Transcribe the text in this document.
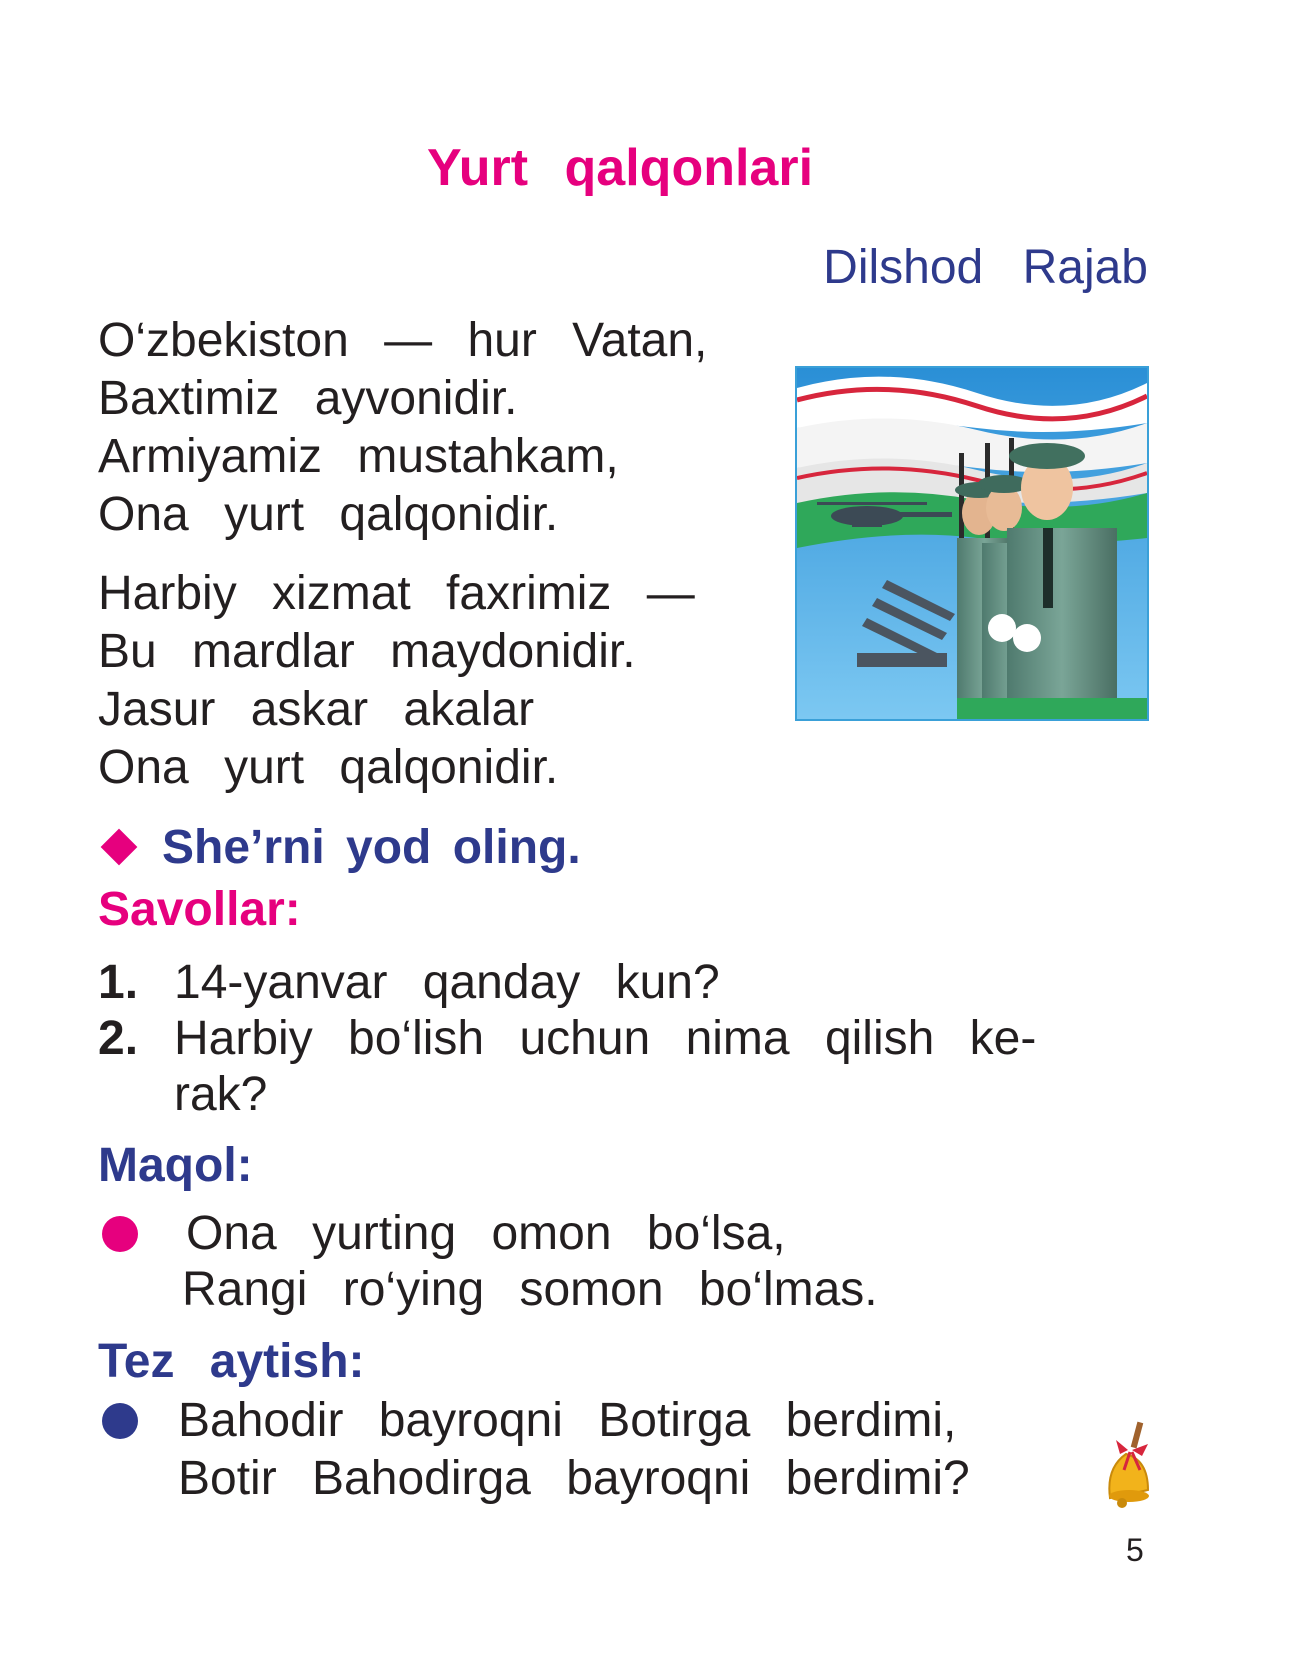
Yurt qalqonlari
Dilshod Rajab
O‘zbekiston — hur Vatan,
Baxtimiz ayvonidir.
Armiyamiz mustahkam,
Ona yurt qalqonidir.
Harbiy xizmat faxrimiz —
Bu mardlar maydonidir.
Jasur askar akalar
Ona yurt qalqonidir.
She’rni yod oling.
Savollar:
1. 14-yanvar qanday kun?
2. Harbiy bo‘lish uchun nima qilish ke-
rak?
Maqol:
Ona yurting omon bo‘lsa,
Rangi ro‘ying somon bo‘lmas.
Tez aytish:
Bahodir bayroqni Botirga berdimi,
Botir Bahodirga bayroqni berdimi?
5
